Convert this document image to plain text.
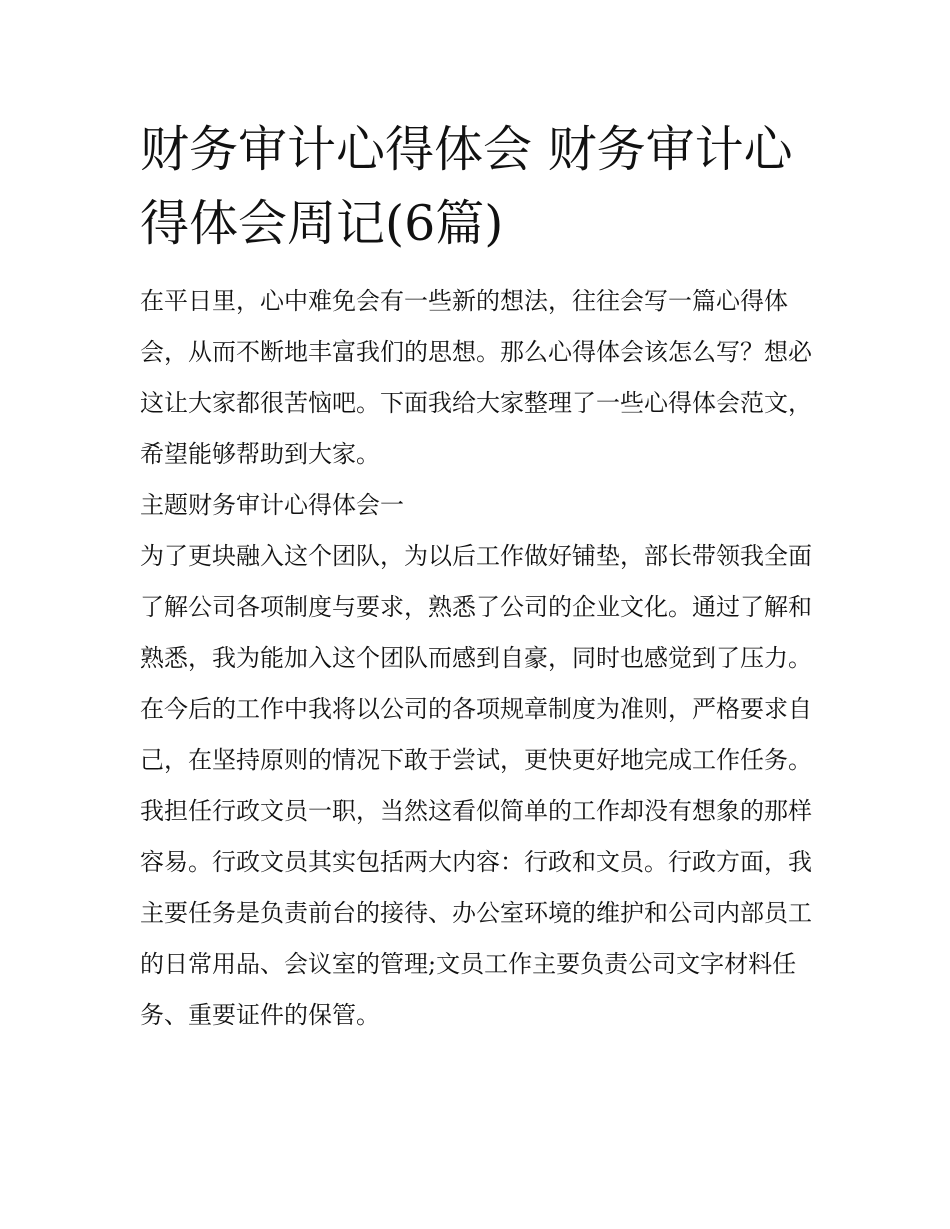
财务审计心得体会 财务审计心得体会周记(6篇)

在平日里，心中难免会有一些新的想法，往往会写一篇心得体会，从而不断地丰富我们的思想。那么心得体会该怎么写？想必这让大家都很苦恼吧。下面我给大家整理了一些心得体会范文，希望能够帮助到大家。

主题财务审计心得体会一

为了更块融入这个团队，为以后工作做好铺垫，部长带领我全面了解公司各项制度与要求，熟悉了公司的企业文化。通过了解和熟悉，我为能加入这个团队而感到自豪，同时也感觉到了压力。在今后的工作中我将以公司的各项规章制度为准则，严格要求自己，在坚持原则的情况下敢于尝试，更快更好地完成工作任务。

我担任行政文员一职，当然这看似简单的工作却没有想象的那样容易。行政文员其实包括两大内容：行政和文员。行政方面，我主要任务是负责前台的接待、办公室环境的维护和公司内部员工的日常用品、会议室的管理;文员工作主要负责公司文字材料任务、重要证件的保管。
